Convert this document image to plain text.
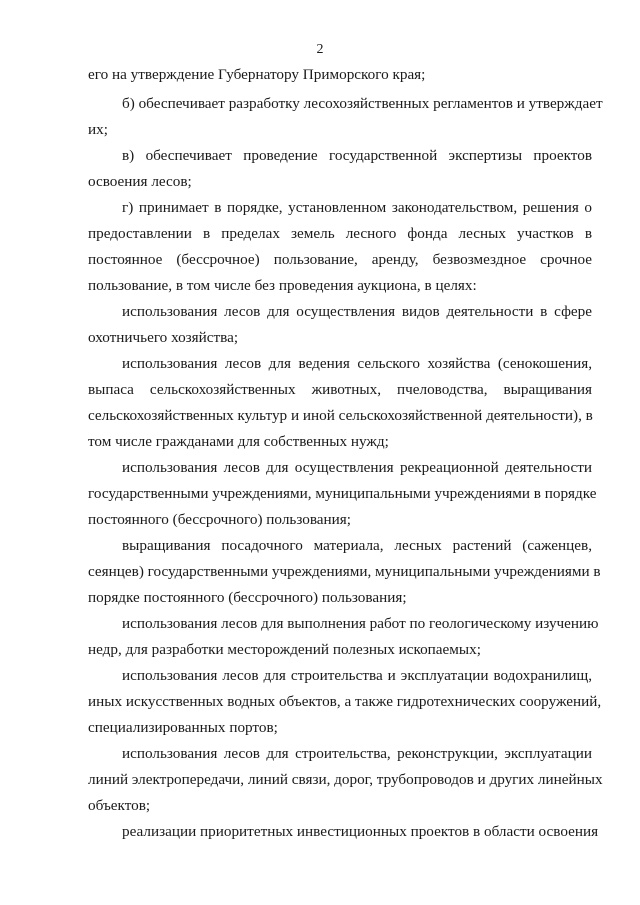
2
его на утверждение Губернатору Приморского края;
б) обеспечивает разработку лесохозяйственных регламентов и утверждает
их;
в) обеспечивает проведение государственной экспертизы проектов
освоения лесов;
г) принимает в порядке, установленном законодательством, решения о
предоставлении в пределах земель лесного фонда лесных участков в
постоянное (бессрочное) пользование, аренду, безвозмездное срочное
пользование, в том числе без проведения аукциона, в целях:
использования лесов для осуществления видов деятельности в сфере
охотничьего хозяйства;
использования лесов для ведения сельского хозяйства (сенокошения,
выпаса сельскохозяйственных животных, пчеловодства, выращивания
сельскохозяйственных культур и иной сельскохозяйственной деятельности), в
том числе гражданами для собственных нужд;
использования лесов для осуществления рекреационной деятельности
государственными учреждениями, муниципальными учреждениями в порядке
постоянного (бессрочного) пользования;
выращивания посадочного материала, лесных растений (саженцев,
сеянцев) государственными учреждениями, муниципальными учреждениями в
порядке постоянного (бессрочного) пользования;
использования лесов для выполнения работ по геологическому изучению
недр, для разработки месторождений полезных ископаемых;
использования лесов для строительства и эксплуатации водохранилищ,
иных искусственных водных объектов, а также гидротехнических сооружений,
специализированных портов;
использования лесов для строительства, реконструкции, эксплуатации
линий электропередачи, линий связи, дорог, трубопроводов и других линейных
объектов;
реализации приоритетных инвестиционных проектов в области освоения
